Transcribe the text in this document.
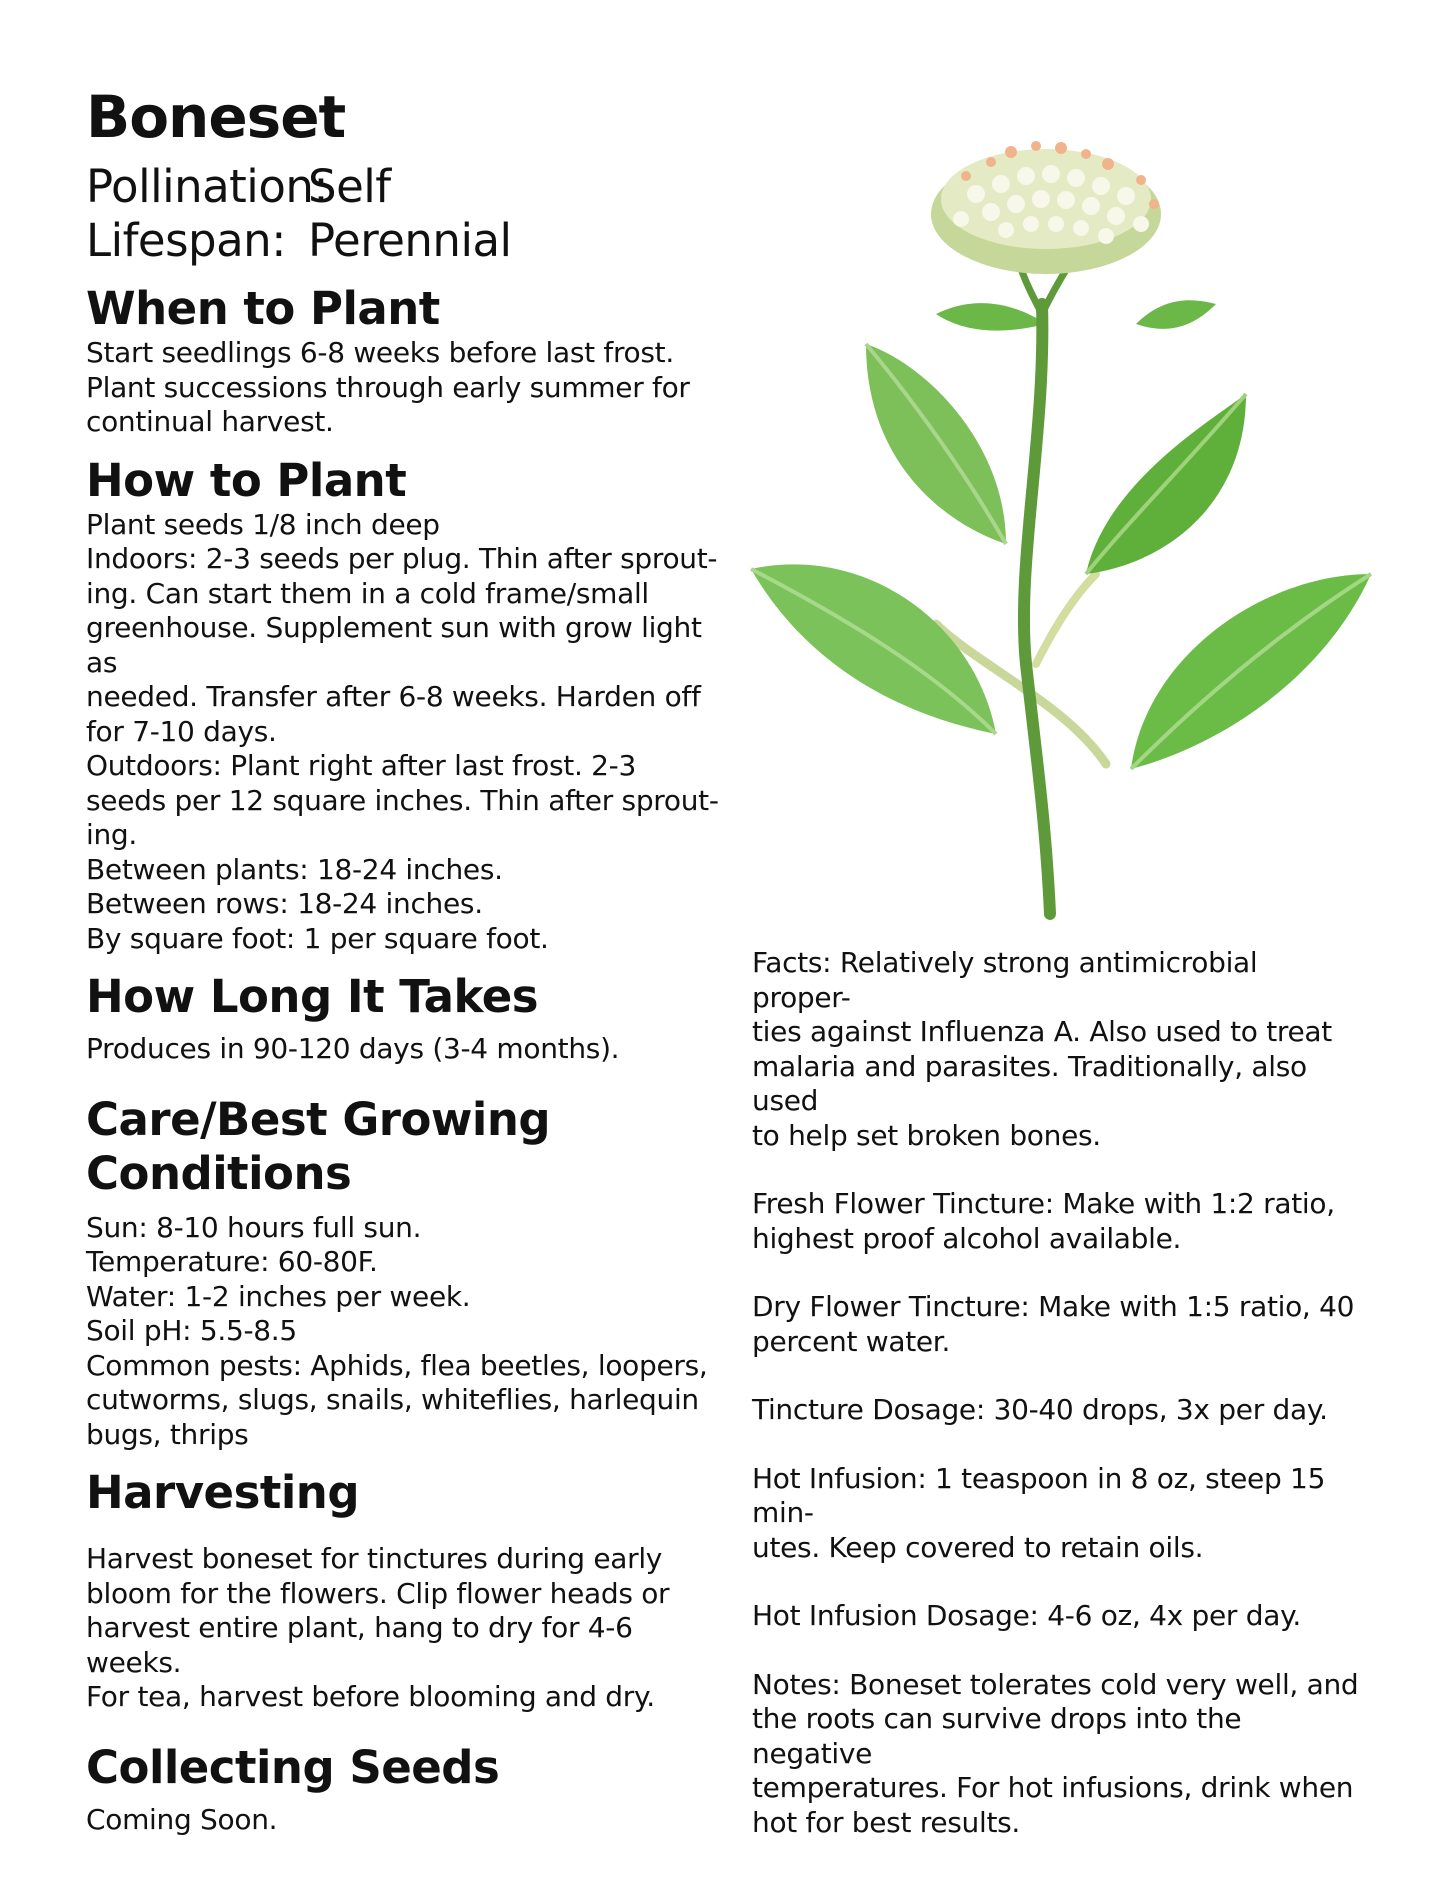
Boneset
Pollination:
Self
Lifespan: Perennial
When to Plant

Start seedlings 6-8 weeks before last frost.

Plant successions through early summer for

continual harvest.

How to Plant

Plant seeds 1/8 inch deep

Indoors: 2-3 seeds per plug. Thin after sprout-

ing. Can start them in a cold frame/small

greenhouse. Supplement sun with grow light as

needed. Transfer after 6-8 weeks. Harden off

for 7-10 days.

Outdoors: Plant right after last frost. 2-3

seeds per 12 square inches. Thin after sprout-

ing.

Between plants: 18-24 inches.

Between rows: 18-24 inches.

By square foot: 1 per square foot.

How Long It Takes

Produces in 90-120 days (3-4 months).

Care/Best Growing Conditions

Sun: 8-10 hours full sun.

Temperature: 60-80F.

Water: 1-2 inches per week.

Soil pH: 5.5-8.5

Common pests: Aphids, flea beetles, loopers,

cutworms, slugs, snails, whiteflies, harlequin

bugs, thrips

Harvesting

Harvest boneset for tinctures during early

bloom for the flowers. Clip flower heads or

harvest entire plant, hang to dry for 4-6 weeks.

For tea, harvest before blooming and dry.

Collecting Seeds

Coming Soon.

Facts: Relatively strong antimicrobial proper-

ties against Influenza A. Also used to treat

malaria and parasites. Traditionally, also used

to help set broken bones.

Fresh Flower Tincture: Make with 1:2 ratio,

highest proof alcohol available.

Dry Flower Tincture: Make with 1:5 ratio, 40

percent water.

Tincture Dosage: 30-40 drops, 3x per day.

Hot Infusion: 1 teaspoon in 8 oz, steep 15 min-

utes. Keep covered to retain oils.

Hot Infusion Dosage: 4-6 oz, 4x per day.

Notes: Boneset tolerates cold very well, and

the roots can survive drops into the negative

temperatures. For hot infusions, drink when

hot for best results.
